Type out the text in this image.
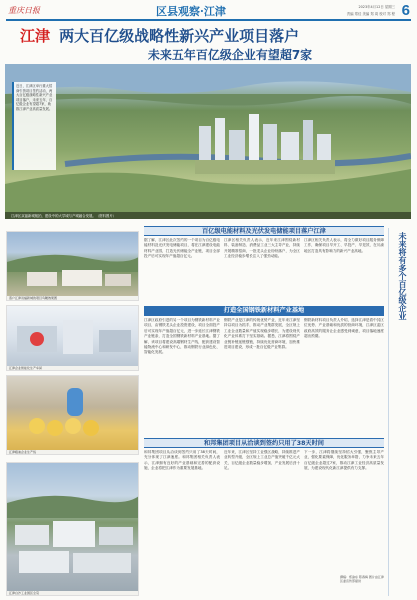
重庆日报	区县观察·江津	2023年4月12日 星期三
责编 郑佳 美编 郑 周 校对 郑 程 6
江津 两大百亿级战略性新兴产业项目落户
未来五年百亿级企业有望超7家
江津区双福新城航拍，建设中的大学城与产城融合发展。（资料图片）
近日，江津区举行重大招商引资项目签约活动，两大百亿级战略性新兴产业项目落户，未来五年，百亿级企业有望超7家，助推江津产业高质量发展。
落户江津双福新城的项目鸟瞰效果图
百亿级电能材料及光伏发电储能项目落户江津
据了解，江津区此次签约的一个项目为百亿级电能材料及光伏发电储能项目，将在江津建设电能材料产业园，打造光伏储能全产业链，项目全部投产后可实现年产值超百亿元。
江津区相关负责人表示，近年来江津围绕新材料、装备制造、消费品工业三大主导产业，持续开展精准招商，一批龙头企业纷纷落户，为全区工业经济稳步增长注入了强劲动能。
江津区相关负责人表示，将全力做好项目服务保障工作，确保项目早开工、早投产、早见效，在川渝地区打造具有影响力的新兴产业高地。
江津企业智能化生产车间
打造全国钢铁新材料产业基地
江津区政府引进的另一个项目为钢铁新材料产业项目，由钢铁龙头企业投资建设，项目全面投产后可实现年产值超百亿元，进一步延长江津钢铁产业链条，打造全国钢铁新材料产业基地。据了解，该项目将建设高端钢材生产线，配套建设智能物流中心和研发中心，推动钢铁行业绿色化、智能化发展。
钢铁产业是江津的传统优势产业，近年来江津坚持以项目为抓手，推动产业集群发展，全区规上工业企业数量和产值实现稳步增长，为建设现代化产业体系打下坚实基础。据悉，江津将围绕产业链补链延链强链，持续优化营商环境，加快推进项目建设，形成一批百亿级产业集群。
钢铁新材料项目负责人介绍，选择江津是看中其区位优势、产业基础和优质的营商环境，江津区委区政府高效的服务让企业感受到诚意，项目落地速度超出预期。
江津粮油企业生产线
和邦集团项目从洽谈到签约只用了38天时间
和邦集团项目从洽谈到签约只用了38天时间，充分体现了江津速度。和邦集团相关负责人表示，江津拥有良好的产业基础和完善的配套设施，企业将把江津作为重要发展基地。
近年来，江津区坚持工业强区战略，持续推进产业转型升级，全区规上工业总产值突破千亿元大关，百亿级企业数量稳步增加，产业发展后劲十足。
下一步，江津将继续坚持招大引强，聚焦主导产业，强化要素保障，优化服务举措，力争未来五年百亿级企业超过7家，推动江津工业经济高质量发展，为建设现代化新江津提供有力支撑。
江津白沙工业园区全景
未来将有多个百亿级企业
撰稿：郑渝东 陈春梅 图片由江津区委宣传部提供
